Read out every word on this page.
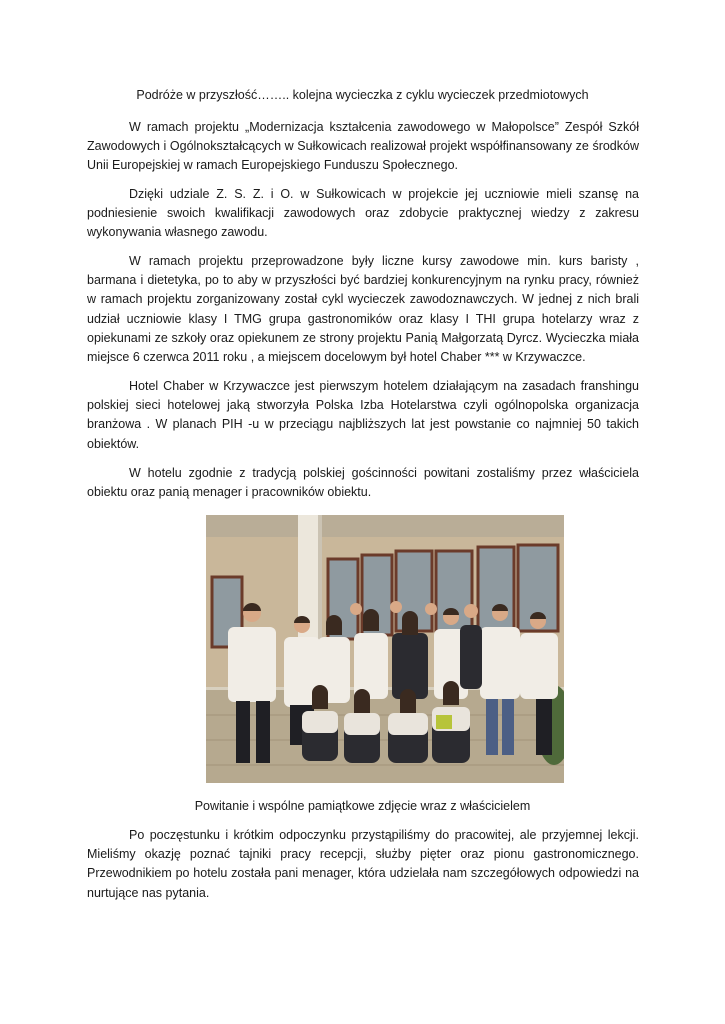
Podróże w przyszłość…….. kolejna wycieczka z cyklu wycieczek przedmiotowych

W ramach projektu „Modernizacja kształcenia zawodowego w Małopolsce” Zespół Szkół Zawodowych i Ogólnokształcących w Sułkowicach realizował projekt współfinansowany ze środków Unii Europejskiej w ramach Europejskiego Funduszu Społecznego.

Dzięki udziale Z. S. Z. i O. w Sułkowicach w projekcie jej uczniowie mieli szansę na podniesienie swoich kwalifikacji zawodowych oraz zdobycie praktycznej wiedzy z zakresu wykonywania własnego zawodu.

W ramach projektu przeprowadzone były liczne kursy zawodowe min. kurs baristy , barmana i dietetyka, po to aby w przyszłości być bardziej konkurencyjnym na rynku pracy, również w ramach projektu zorganizowany został cykl wycieczek zawodoznawczych. W jednej z nich brali udział uczniowie klasy I TMG grupa gastronomików oraz klasy I THI grupa hotelarzy wraz z opiekunami ze szkoły oraz opiekunem ze strony projektu Panią Małgorzatą Dyrcz. Wycieczka miała miejsce 6 czerwca 2011 roku , a miejscem docelowym był hotel Chaber *** w Krzywaczce.

Hotel Chaber w Krzywaczce jest pierwszym hotelem działającym na zasadach franshingu polskiej sieci hotelowej jaką stworzyła Polska Izba Hotelarstwa czyli ogólnopolska organizacja branżowa . W planach PIH -u w przeciągu najbliższych lat jest powstanie co najmniej 50 takich obiektów.

W hotelu zgodnie z tradycją polskiej gościnności powitani zostaliśmy przez właściciela obiektu oraz panią menager i pracowników obiektu.

Powitanie i wspólne pamiątkowe zdjęcie wraz z właścicielem

Po poczęstunku i krótkim odpoczynku przystąpiliśmy do pracowitej, ale przyjemnej lekcji. Mieliśmy okazję poznać tajniki pracy recepcji, służby pięter oraz pionu gastronomicznego. Przewodnikiem po hotelu została pani menager, która udzielała nam szczegółowych odpowiedzi na nurtujące nas pytania.
